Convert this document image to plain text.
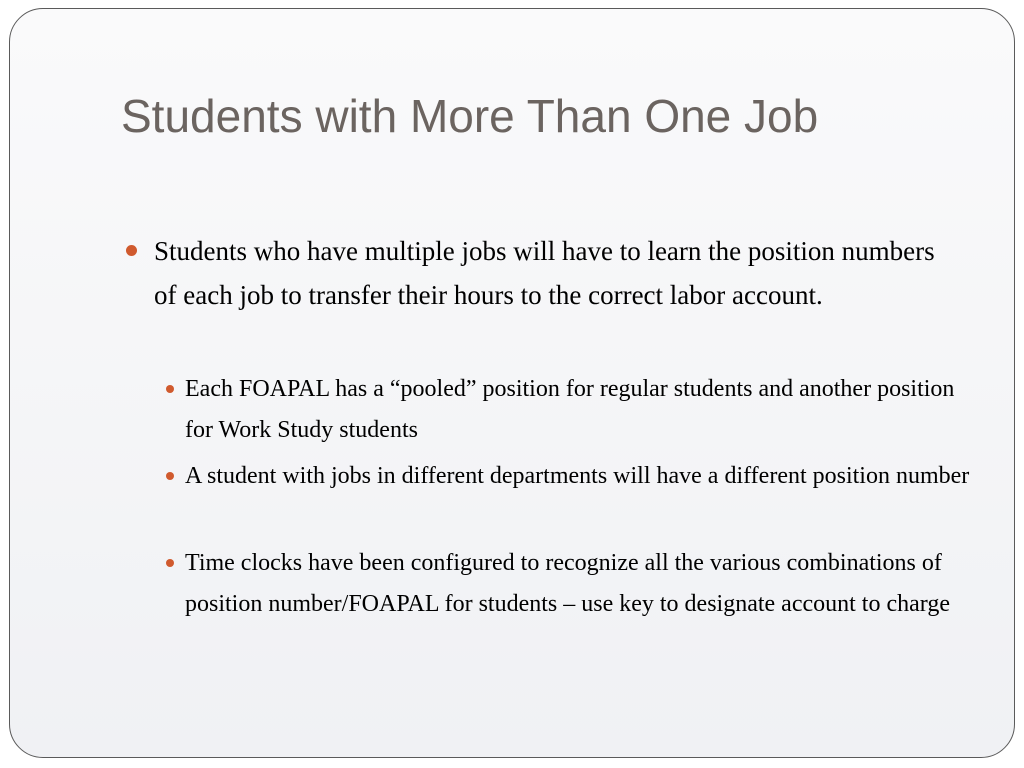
Students with More Than One Job
Students who have multiple jobs will have to learn the position numbers of each job to transfer their hours to the correct labor account.
Each FOAPAL has a “pooled” position for regular students and another position for Work Study students
A student with jobs in different departments will have a different position number
Time clocks have been configured to recognize all the various combinations of position number/FOAPAL for students – use key to designate account to charge
